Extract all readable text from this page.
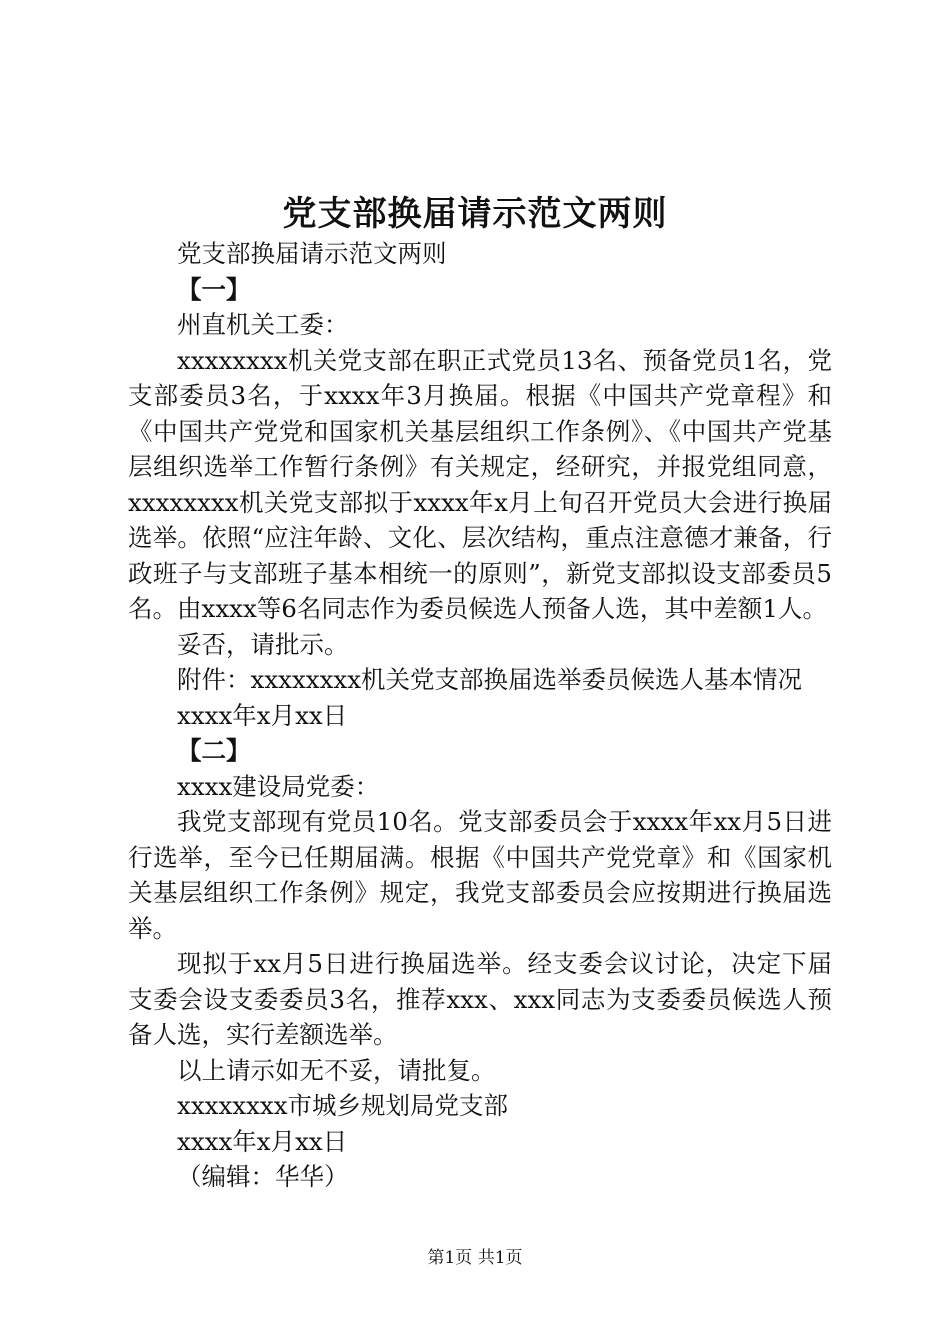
党支部换届请示范文两则

党支部换届请示范文两则

【一】

州直机关工委：

xxxxxxxx机关党支部在职正式党员13名、预备党员1名，党支部委员3名，于xxxx年3月换届。根据《中国共产党章程》和《中国共产党党和国家机关基层组织工作条例》、《中国共产党基层组织选举工作暂行条例》有关规定，经研究，并报党组同意，xxxxxxxx机关党支部拟于xxxx年x月上旬召开党员大会进行换届选举。依照“应注年龄、文化、层次结构，重点注意德才兼备，行政班子与支部班子基本相统一的原则”，新党支部拟设支部委员5名。由xxxx等6名同志作为委员候选人预备人选，其中差额1人。

妥否，请批示。

附件：xxxxxxxx机关党支部换届选举委员候选人基本情况

xxxx年x月xx日

【二】

xxxx建设局党委：

我党支部现有党员10名。党支部委员会于xxxx年xx月5日进行选举，至今已任期届满。根据《中国共产党党章》和《国家机关基层组织工作条例》规定，我党支部委员会应按期进行换届选举。

现拟于xx月5日进行换届选举。经支委会议讨论，决定下届支委会设支委委员3名，推荐xxx、xxx同志为支委委员候选人预备人选，实行差额选举。

以上请示如无不妥，请批复。

xxxxxxxx市城乡规划局党支部

xxxx年x月xx日

（编辑：华华）

第1页 共1页
